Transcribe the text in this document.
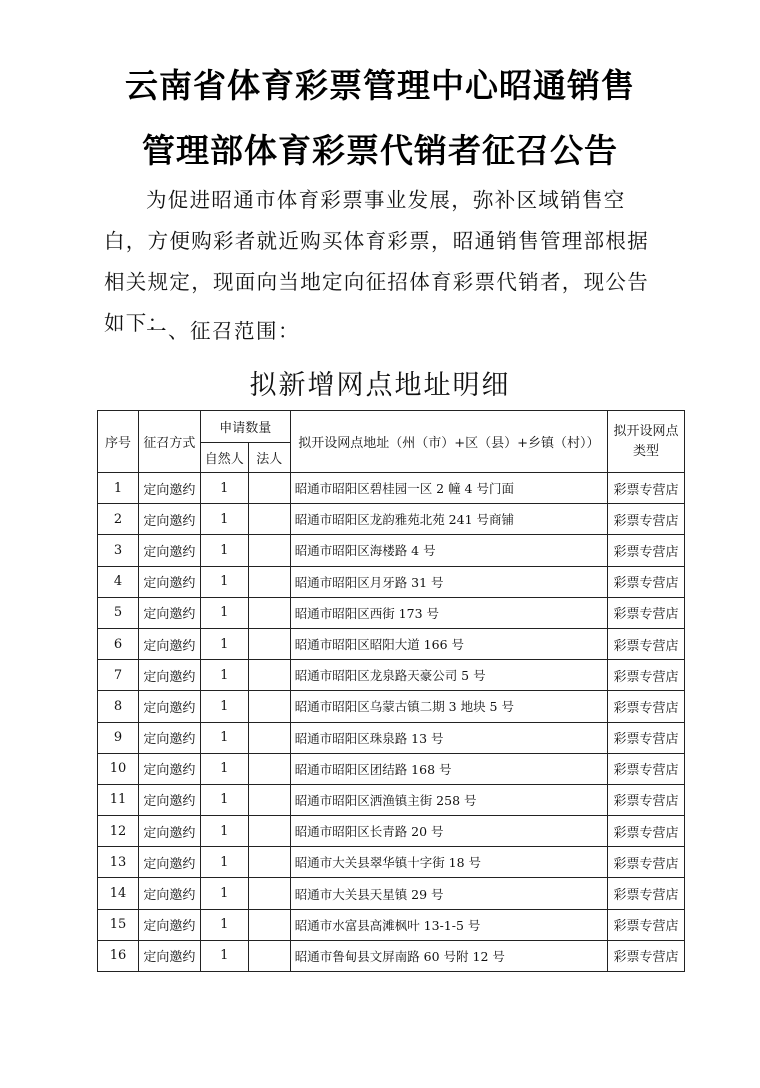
云南省体育彩票管理中心昭通销售
管理部体育彩票代销者征召公告
为促进昭通市体育彩票事业发展，弥补区域销售空白，方便购彩者就近购买体育彩票，昭通销售管理部根据相关规定，现面向当地定向征招体育彩票代销者，现公告如下：
一、征召范围：
拟新增网点地址明细
序号	征召方式	申请数量		拟开设网点地址（州（市）+区（县）+乡镇（村））	拟开设网点类型
		自然人	法人		
1	定向邀约	1		昭通市昭阳区碧桂园一区 2 幢 4 号门面	彩票专营店
2	定向邀约	1		昭通市昭阳区龙韵雅苑北苑 241 号商铺	彩票专营店
3	定向邀约	1		昭通市昭阳区海楼路 4 号	彩票专营店
4	定向邀约	1		昭通市昭阳区月牙路 31 号	彩票专营店
5	定向邀约	1		昭通市昭阳区西街 173 号	彩票专营店
6	定向邀约	1		昭通市昭阳区昭阳大道 166 号	彩票专营店
7	定向邀约	1		昭通市昭阳区龙泉路天豪公司 5 号	彩票专营店
8	定向邀约	1		昭通市昭阳区乌蒙古镇二期 3 地块 5 号	彩票专营店
9	定向邀约	1		昭通市昭阳区珠泉路 13 号	彩票专营店
10	定向邀约	1		昭通市昭阳区团结路 168 号	彩票专营店
11	定向邀约	1		昭通市昭阳区洒渔镇主街 258 号	彩票专营店
12	定向邀约	1		昭通市昭阳区长青路 20 号	彩票专营店
13	定向邀约	1		昭通市大关县翠华镇十字街 18 号	彩票专营店
14	定向邀约	1		昭通市大关县天星镇 29 号	彩票专营店
15	定向邀约	1		昭通市水富县高滩枫叶 13-1-5 号	彩票专营店
16	定向邀约	1		昭通市鲁甸县文屏南路 60 号附 12 号	彩票专营店
